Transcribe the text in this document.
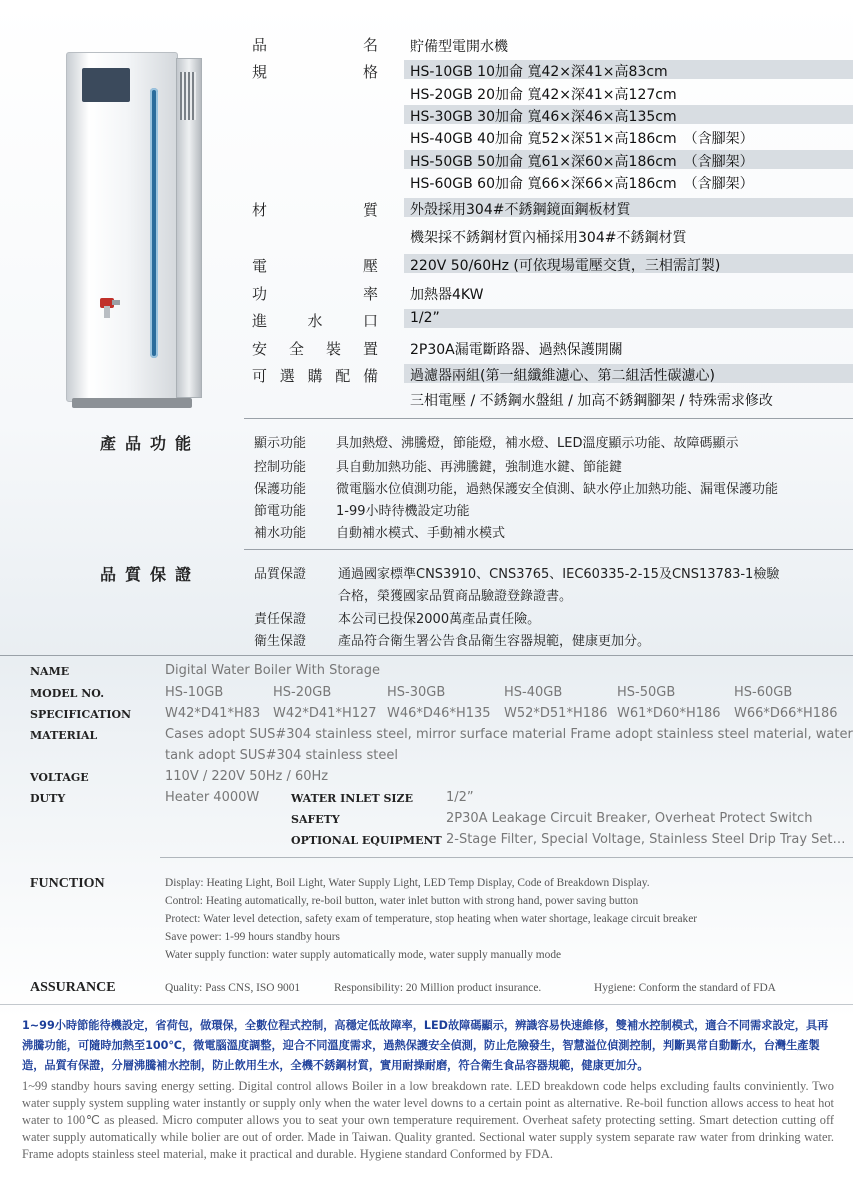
品	名 貯備型電開水機
規	格 HS-10GB 10加侖 寬42×深41×高83cm
HS-20GB 20加侖 寬42×深41×高127cm
HS-30GB 30加侖 寬46×深46×高135cm
HS-40GB 40加侖 寬52×深51×高186cm　（含腳架）
HS-50GB 50加侖 寬61×深60×高186cm　（含腳架）
HS-60GB 60加侖 寬66×深66×高186cm　（含腳架）
材	質 外殼採用304#不銹鋼鏡面鋼板材質
機架採不銹鋼材質內桶採用304#不銹鋼材質
電	壓 220V 50/60Hz (可依現場電壓交貨，三相需訂製)
功	率 加熱器4KW
進	水	口 1/2”
安 全 裝 置 2P30A漏電斷路器、過熱保護開關
可 選 購 配 備 過濾器兩組(第一組纖維濾心、第二組活性碳濾心)
三相電壓 / 不銹鋼水盤組 / 加高不銹鋼腳架 / 特殊需求修改
產品功能	顯示功能 具加熱燈、沸騰燈，節能燈，補水燈、LED溫度顯示功能、故障碼顯示
控制功能 具自動加熱功能、再沸騰鍵，強制進水鍵、節能鍵
保護功能 微電腦水位偵測功能，過熱保護安全偵測、缺水停止加熱功能、漏電保護功能
節電功能 1-99小時待機設定功能
補水功能 自動補水模式、手動補水模式
品質保證	品質保證 通過國家標準CNS3910、CNS3765、IEC60335-2-15及CNS13783-1檢驗
合格，榮獲國家品質商品驗證登錄證書。
責任保證 本公司已投保2000萬產品責任險。
衛生保證 產品符合衛生署公告食品衛生容器規範，健康更加分。
NAME	Digital Water Boiler With Storage
MODEL NO.	HS-10GB	HS-20GB	HS-30GB	HS-40GB	HS-50GB	HS-60GB
SPECIFICATION	W42*D41*H83 W42*D41*H127 W46*D46*H135 W52*D51*H186 W61*D60*H186 W66*D66*H186
MATERIAL	Cases adopt SUS#304 stainless steel, mirror surface material Frame adopt stainless steel material, water
tank adopt SUS#304 stainless steel
VOLTAGE	110V / 220V 50Hz / 60Hz
DUTY	Heater 4000W	WATER INLET SIZE	1/2”
SAFETY	2P30A Leakage Circuit Breaker, Overheat Protect Switch
OPTIONAL EQUIPMENT 2-Stage Filter, Special Voltage, Stainless Steel Drip Tray Set…
FUNCTION	Display: Heating Light, Boil Light, Water Supply Light, LED Temp Display, Code of Breakdown Display.
Control: Heating automatically, re-boil button, water inlet button with strong hand, power saving button
Protect: Water level detection, safety exam of temperature, stop heating when water shortage, leakage circuit breaker
Save power: 1-99 hours standby hours
Water supply function: water supply automatically mode, water supply manually mode
ASSURANCE	Quality: Pass CNS, ISO 9001	Responsibility: 20 Million product insurance.	Hygiene: Conform the standard of FDA
1~99小時節能待機設定，省荷包，做環保，全數位程式控制，高穩定低故障率，LED故障碼顯示，辨識容易快速維修，雙補水控制模式，適合不同需求設定，具再沸騰功能，可隨時加熱至100℃，微電腦溫度調整，迎合不同溫度需求，過熱保護安全偵測，防止危險發生，智慧溢位偵測控制，判斷異常自動斷水，台灣生產製造，品質有保證，分層沸騰補水控制，防止飲用生水，全機不銹鋼材質，實用耐操耐磨，符合衛生食品容器規範，健康更加分。
1~99 standby hours saving energy setting. Digital control allows Boiler in a low breakdown rate. LED breakdown code helps excluding faults conviniently. Two water supply system suppling water instantly or supply only when the water level downs to a certain point as alternative. Re-boil function allows access to heat hot water to 100℃ as pleased. Micro computer allows you to seat your own temperature requirement. Overheat safety protecting setting. Smart detection cutting off water supply automatically while bolier are out of order. Made in Taiwan. Quality granted. Sectional water supply system separate raw water from drinking water. Frame adopts stainless steel material, make it practical and durable. Hygiene standard Conformed by FDA.
